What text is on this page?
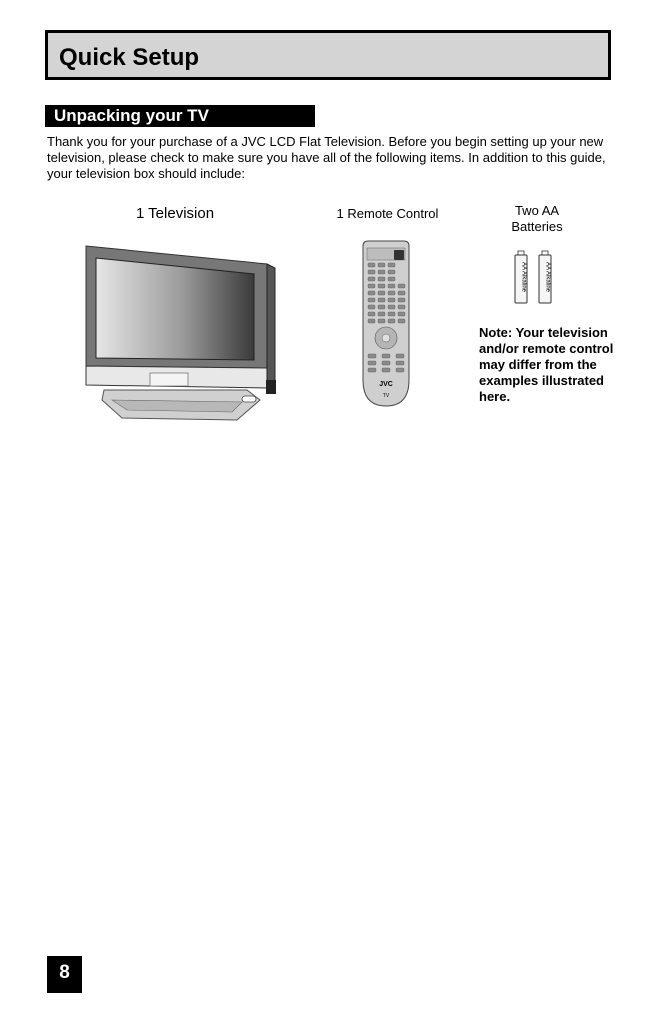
Quick Setup
Unpacking your TV

Thank you for your purchase of a JVC LCD Flat Television. Before you begin setting up your new television, please check to make sure you have all of the following items. In addition to this guide, your television box should include:

1 Television	1 Remote Control	Two AA
Batteries
JVC
TV
AA Alkaline	AA Alkaline
Note: Your television and/or remote control may differ from the examples illustrated here.
8
